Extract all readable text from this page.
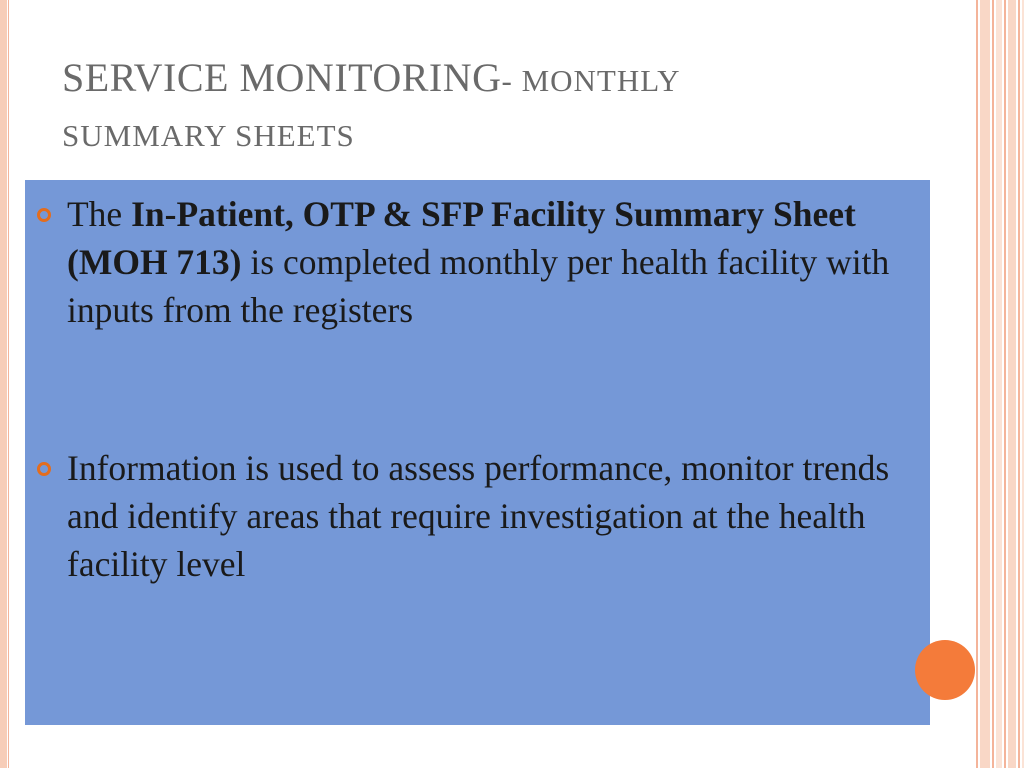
SERVICE MONITORING- MONTHLY
SUMMARY SHEETS
The In-Patient, OTP & SFP Facility Summary Sheet (MOH 713) is completed monthly per health facility with inputs from the registers
Information is used to assess performance, monitor trends and identify areas that require investigation at the health facility level
